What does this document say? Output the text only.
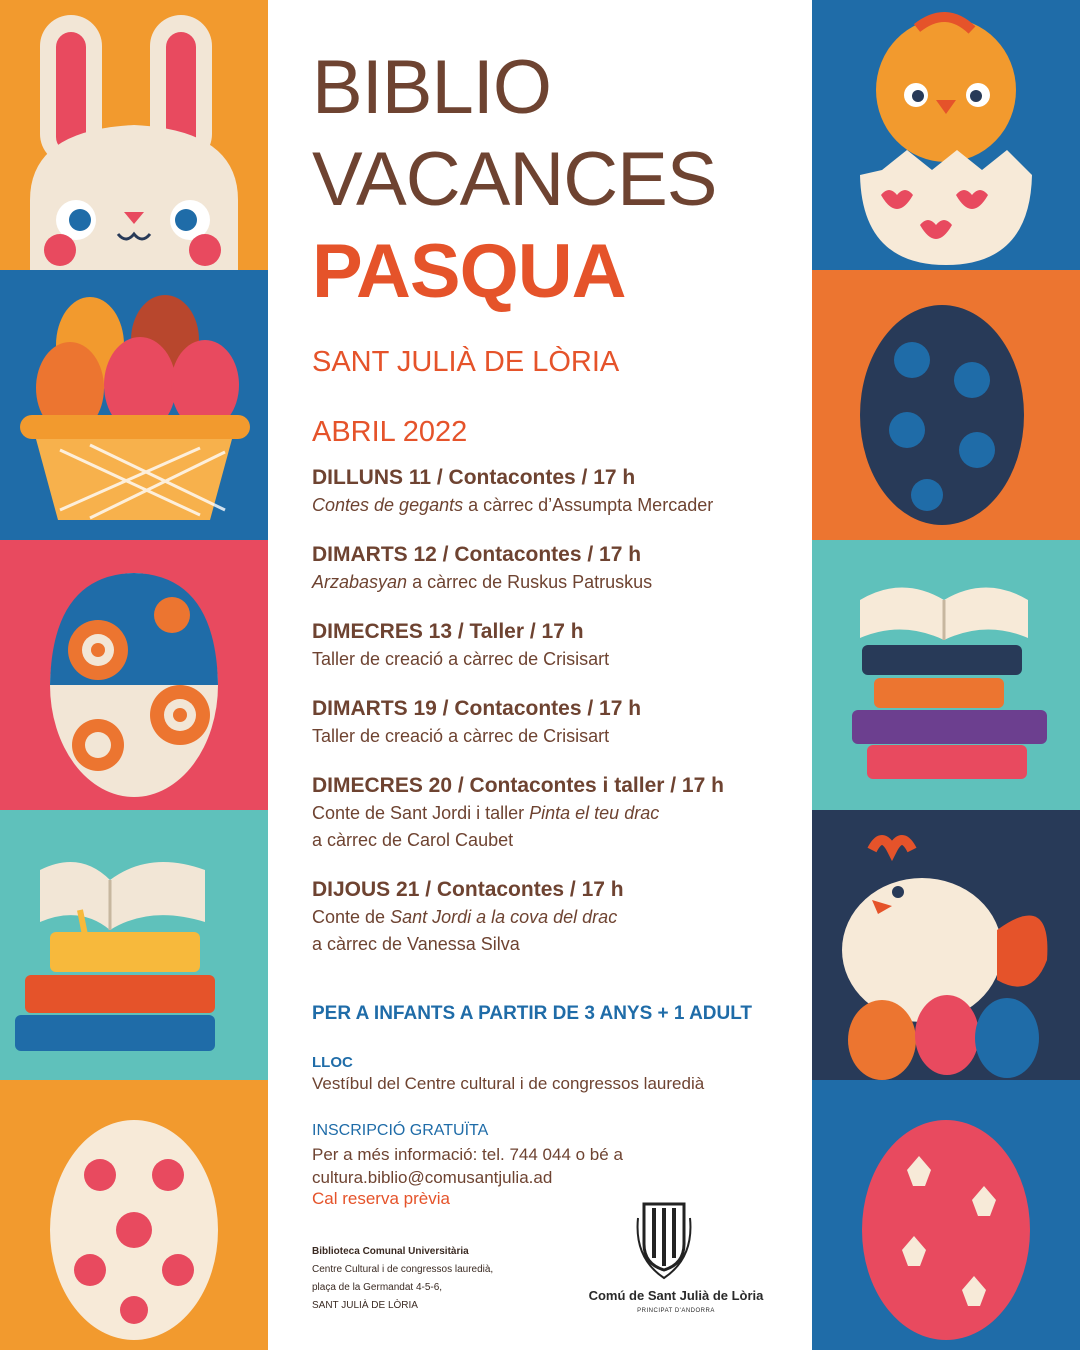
BIBLIO
VACANCES
PASQUA
SANT JULIÀ DE LÒRIA
ABRIL 2022
DILLUNS 11 / Contacontes / 17 h
Contes de gegants a càrrec d’Assumpta Mercader
DIMARTS 12 / Contacontes / 17 h
Arzabasyan a càrrec de Ruskus Patruskus
DIMECRES 13 / Taller / 17 h
Taller de creació a càrrec de Crisisart
DIMARTS 19 / Contacontes / 17 h
Taller de creació a càrrec de Crisisart
DIMECRES 20 / Contacontes i taller / 17 h
Conte de Sant Jordi i taller Pinta el teu drac
a càrrec de Carol Caubet
DIJOUS 21 / Contacontes / 17 h
Conte de Sant Jordi a la cova del drac
a càrrec de Vanessa Silva
PER A INFANTS A PARTIR DE 3 ANYS + 1 ADULT
LLOC
Vestíbul del Centre cultural i de congressos lauredià
INSCRIPCIÓ GRATUÏTA
Per a més informació: tel. 744 044 o bé a
cultura.biblio@comusantjulia.ad
Cal reserva prèvia
Biblioteca Comunal Universitària
Centre Cultural i de congressos lauredià,
plaça de la Germandat 4-5-6,
SANT JULIÀ DE LÒRIA
Comú de Sant Julià de Lòria
PRINCIPAT D'ANDORRA
